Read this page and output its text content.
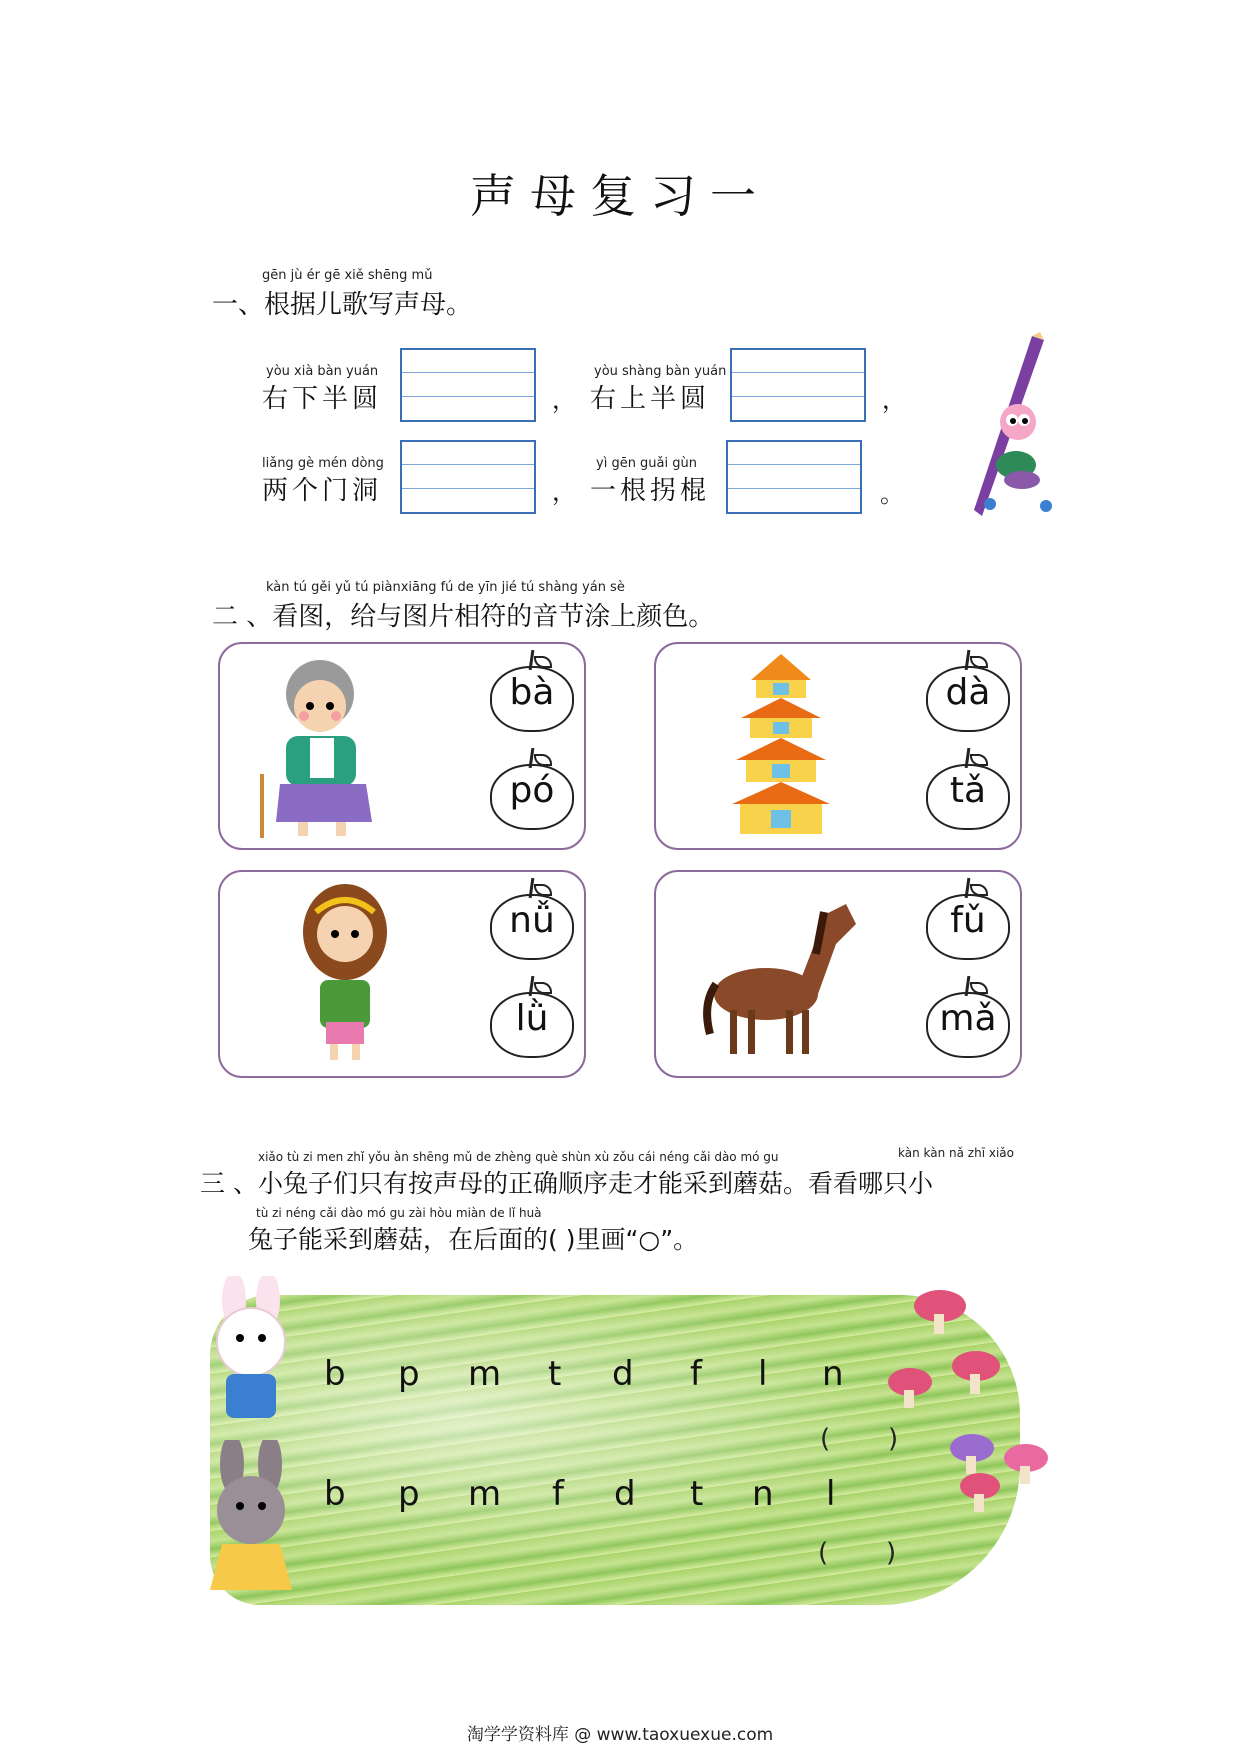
声母复习一
gēn jù ér gē xiě shēng mǔ
一、根据儿歌写声母。
yòu xià bàn yuán
右下半圆	，
yòu shàng bàn yuán
右上半圆	，
liǎng gè mén dòng
两个门洞	，
yì gēn guǎi gùn
一根拐棍	。
kàn tú gěi yǔ tú piànxiāng fú de yīn jié tú shàng yán sè
二 、看图，给与图片相符的音节涂上颜色。
bà
pó
dà
tǎ
nǚ
lǜ
fǔ
mǎ
xiǎo tù zi men zhǐ yǒu àn shēng mǔ de zhèng què shùn xù zǒu cái néng cǎi dào mó gu	kàn kàn nǎ zhī xiǎo
三 、小兔子们只有按声母的正确顺序走才能采到蘑菇。看看哪只小
tù zi néng cǎi dào mó gu zài hòu miàn de lǐ huà
兔子能采到蘑菇，在后面的( )里画“○”。
b p m t d f l n
( )
b p m f d t n l
( )
淘学学资料库 @ www.taoxuexue.com
